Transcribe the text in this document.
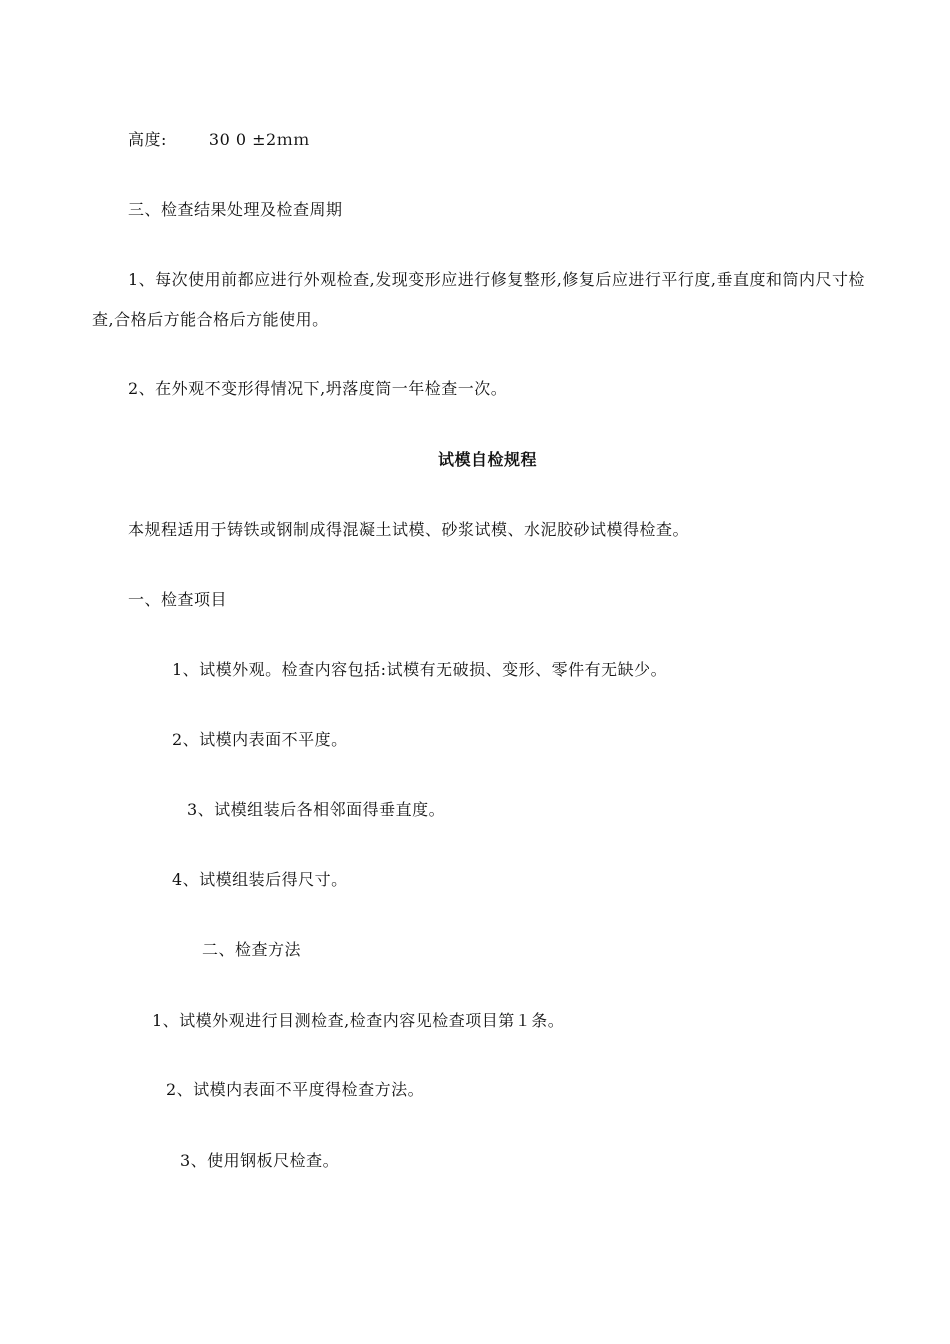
高度:	30 0 ±2ｍｍ
三、检查结果处理及检查周期
1、每次使用前都应进行外观检查,发现变形应进行修复整形,修复后应进行平行度,垂直度和筒内尺寸检查,合格后方能合格后方能使用。
2、在外观不变形得情况下,坍落度筒一年检查一次。
试模自检规程
本规程适用于铸铁或钢制成得混凝土试模、砂浆试模、水泥胶砂试模得检查。
一、检查项目
1、试模外观。检查内容包括:试模有无破损、变形、零件有无缺少。
2、试模内表面不平度。
3、试模组装后各相邻面得垂直度。
4、试模组装后得尺寸。
二、检查方法
1、试模外观进行目测检查,检查内容见检查项目第１条。
2、试模内表面不平度得检查方法。
3、使用钢板尺检查。
